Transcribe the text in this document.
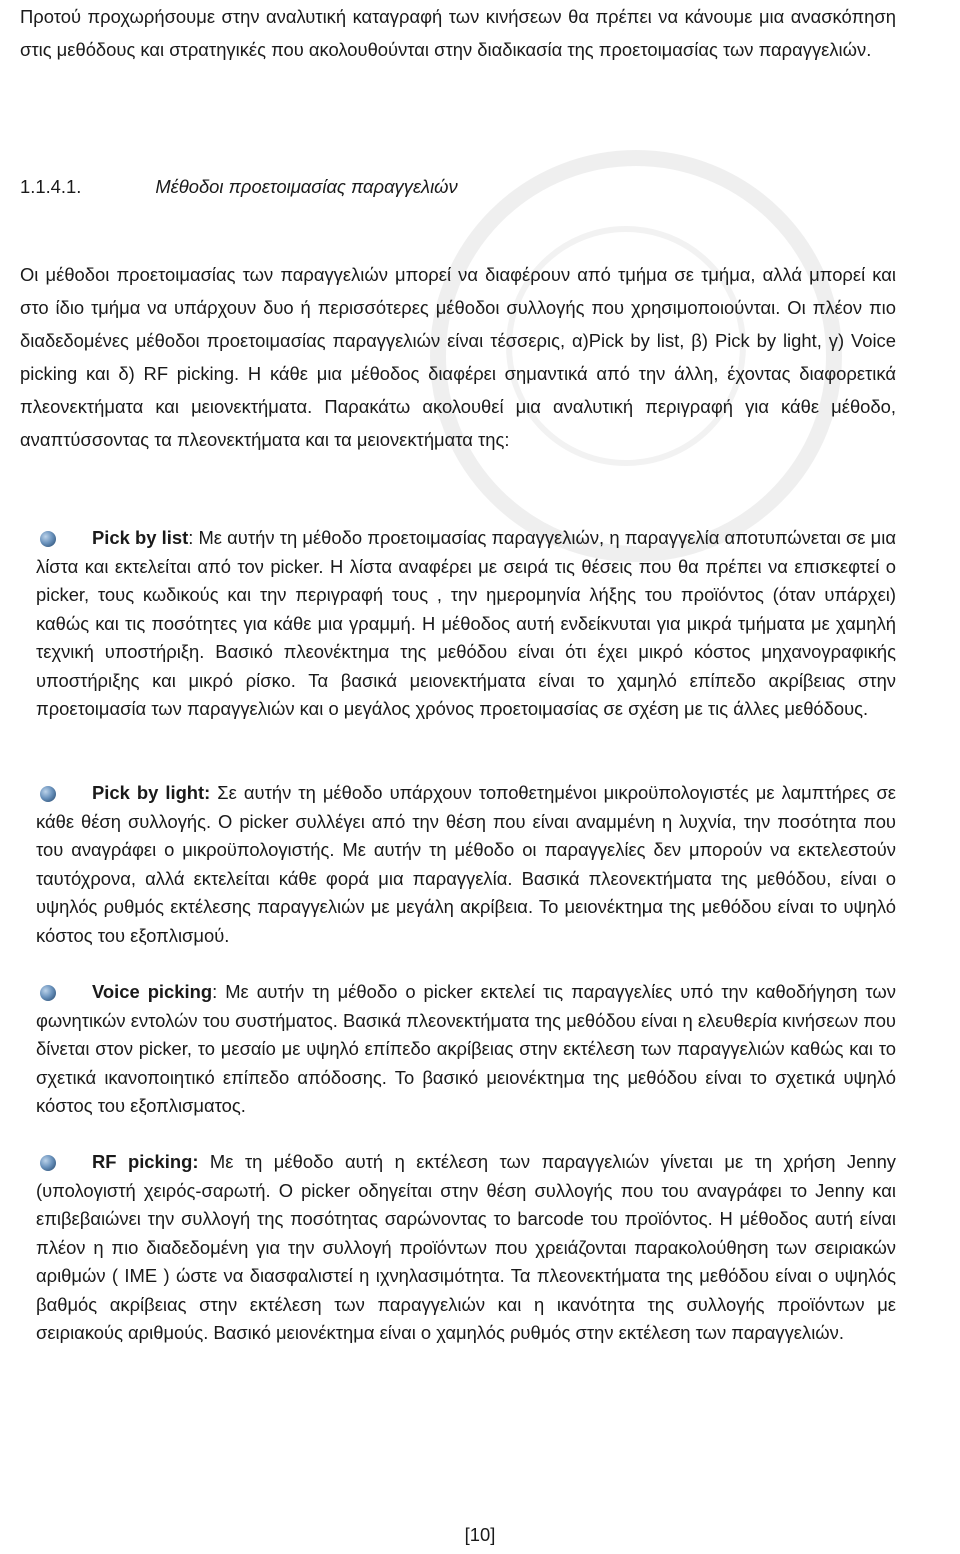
Προτού προχωρήσουμε στην αναλυτική καταγραφή των κινήσεων θα πρέπει να κάνουμε μια ανασκόπηση στις μεθόδους και στρατηγικές που ακολουθούνται στην διαδικασία της προετοιμασίας των παραγγελιών.

1.1.4.1.	Μέθοδοι προετοιμασίας παραγγελιών

Οι μέθοδοι προετοιμασίας των παραγγελιών μπορεί να διαφέρουν από τμήμα σε τμήμα, αλλά μπορεί και στο ίδιο τμήμα να υπάρχουν δυο ή περισσότερες μέθοδοι συλλογής που χρησιμοποιούνται. Οι πλέον πιο διαδεδομένες μέθοδοι προετοιμασίας παραγγελιών είναι τέσσερις, α)Pick by list, β) Pick by light, γ) Voice picking και δ) RF picking. Η κάθε μια μέθοδος διαφέρει σημαντικά από την άλλη, έχοντας διαφορετικά πλεονεκτήματα και μειονεκτήματα. Παρακάτω ακολουθεί μια αναλυτική περιγραφή για κάθε μέθοδο, αναπτύσσοντας τα πλεονεκτήματα και τα μειονεκτήματα της:

Pick by list: Με αυτήν τη μέθοδο προετοιμασίας παραγγελιών, η παραγγελία αποτυπώνεται σε μια λίστα και εκτελείται από τον picker. Η λίστα αναφέρει με σειρά τις θέσεις που θα πρέπει να επισκεφτεί ο picker, τους κωδικούς και την περιγραφή τους , την ημερομηνία λήξης του προϊόντος (όταν υπάρχει) καθώς και τις ποσότητες για κάθε μια γραμμή. Η μέθοδος αυτή ενδείκνυται για μικρά τμήματα με χαμηλή τεχνική υποστήριξη. Βασικό πλεονέκτημα της μεθόδου είναι ότι έχει μικρό κόστος μηχανογραφικής υποστήριξης και μικρό ρίσκο. Τα βασικά μειονεκτήματα είναι το χαμηλό επίπεδο ακρίβειας στην προετοιμασία των παραγγελιών και ο μεγάλος χρόνος προετοιμασίας σε σχέση με τις άλλες μεθόδους.

Pick by light: Σε αυτήν τη μέθοδο υπάρχουν τοποθετημένοι μικροϋπολογιστές με λαμπτήρες σε κάθε θέση συλλογής. Ο picker συλλέγει από την θέση που είναι αναμμένη η λυχνία, την ποσότητα που του αναγράφει ο μικροϋπολογιστής. Με αυτήν τη μέθοδο οι παραγγελίες δεν μπορούν να εκτελεστούν ταυτόχρονα, αλλά εκτελείται κάθε φορά μια παραγγελία. Βασικά πλεονεκτήματα της μεθόδου, είναι ο υψηλός ρυθμός εκτέλεσης παραγγελιών με μεγάλη ακρίβεια. Το μειονέκτημα της μεθόδου είναι το υψηλό κόστος του εξοπλισμού.

Voice picking: Με αυτήν τη μέθοδο ο picker εκτελεί τις παραγγελίες υπό την καθοδήγηση των φωνητικών εντολών του συστήματος. Βασικά πλεονεκτήματα της μεθόδου είναι η ελευθερία κινήσεων που δίνεται στον picker, το μεσαίο με υψηλό επίπεδο ακρίβειας στην εκτέλεση των παραγγελιών καθώς και το σχετικά ικανοποιητικό επίπεδο απόδοσης. Το βασικό μειονέκτημα της μεθόδου είναι το σχετικά υψηλό κόστος του εξοπλισματος.

RF picking: Με τη μέθοδο αυτή η εκτέλεση των παραγγελιών γίνεται με τη χρήση Jenny (υπολογιστή χειρός-σαρωτή. Ο picker οδηγείται στην θέση συλλογής που του αναγράφει το Jenny και επιβεβαιώνει την συλλογή της ποσότητας σαρώνοντας το barcode του προϊόντος. Η μέθοδος αυτή είναι πλέον η πιο διαδεδομένη για την συλλογή προϊόντων που χρειάζονται παρακολούθηση των σειριακών αριθμών ( IME ) ώστε να διασφαλιστεί η ιχνηλασιμότητα. Τα πλεονεκτήματα της μεθόδου είναι ο υψηλός βαθμός ακρίβειας στην εκτέλεση των παραγγελιών και η ικανότητα της συλλογής προϊόντων με σειριακούς αριθμούς. Βασικό μειονέκτημα είναι ο χαμηλός ρυθμός στην εκτέλεση των παραγγελιών.

[10]
